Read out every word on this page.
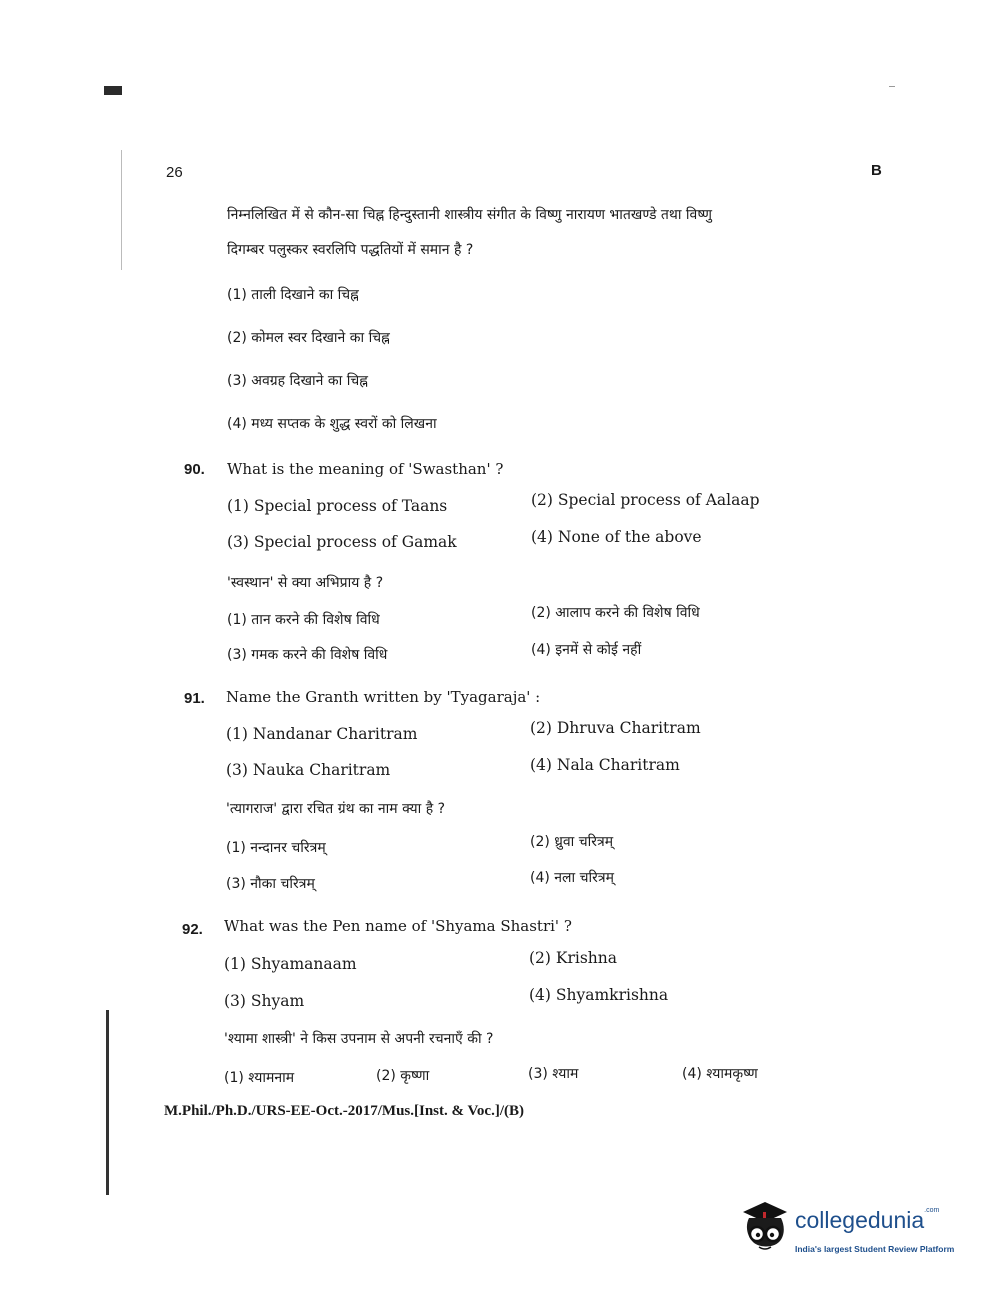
26	B
निम्नलिखित में से कौन-सा चिह्न हिन्दुस्तानी शास्त्रीय संगीत के विष्णु नारायण भातखण्डे तथा विष्णु
दिगम्बर पलुस्कर स्वरलिपि पद्धतियों में समान है ?
(1) ताली दिखाने का चिह्न
(2) कोमल स्वर दिखाने का चिह्न
(3) अवग्रह दिखाने का चिह्न
(4) मध्य सप्तक के शुद्ध स्वरों को लिखना
90. What is the meaning of 'Swasthan' ?
(1) Special process of Taans	(2) Special process of Aalaap
(3) Special process of Gamak	(4) None of the above
'स्वस्थान' से क्या अभिप्राय है ?
(1) तान करने की विशेष विधि	(2) आलाप करने की विशेष विधि
(3) गमक करने की विशेष विधि	(4) इनमें से कोई नहीं
91. Name the Granth written by 'Tyagaraja' :
(1) Nandanar Charitram	(2) Dhruva Charitram
(3) Nauka Charitram	(4) Nala Charitram
'त्यागराज' द्वारा रचित ग्रंथ का नाम क्या है ?
(1) नन्दानर चरित्रम्	(2) ध्रुवा चरित्रम्
(3) नौका चरित्रम्	(4) नला चरित्रम्
92. What was the Pen name of 'Shyama Shastri' ?
(1) Shyamanaam	(2) Krishna
(3) Shyam	(4) Shyamkrishna
'श्यामा शास्त्री' ने किस उपनाम से अपनी रचनाएँ की ?
(1) श्यामनाम	(2) कृष्णा	(3) श्याम	(4) श्यामकृष्ण
M.Phil./Ph.D./URS-EE-Oct.-2017/Mus.[Inst. & Voc.]/(B)
collegedunia$^{.com}$
India's largest Student Review Platform
